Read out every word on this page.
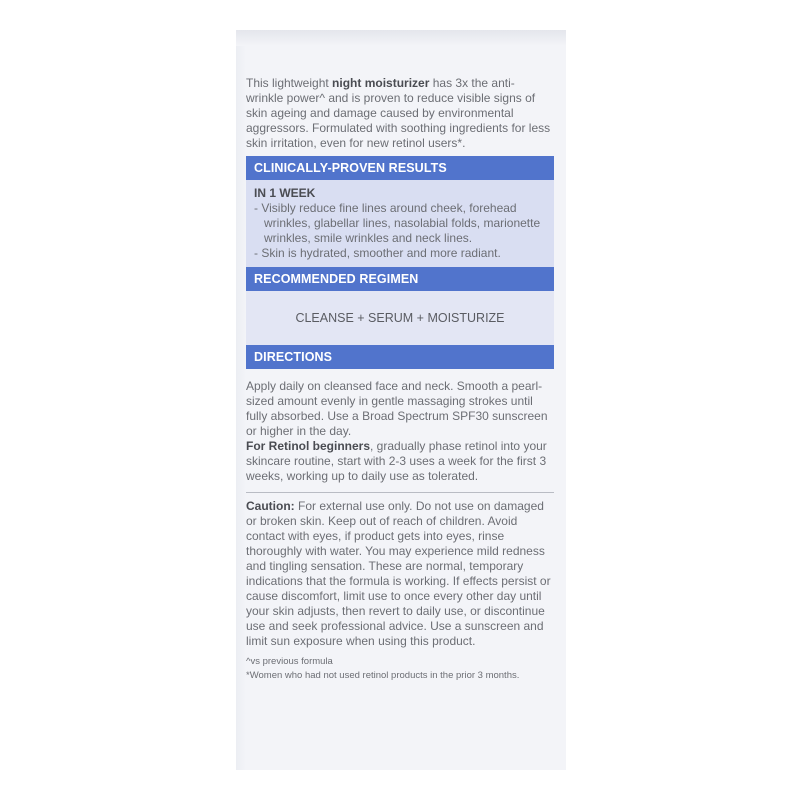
This lightweight night moisturizer has 3x the anti-wrinkle power^ and is proven to reduce visible signs of skin ageing and damage caused by environmental aggressors. Formulated with soothing ingredients for less skin irritation, even for new retinol users*.

CLINICALLY-PROVEN RESULTS
IN 1 WEEK
- Visibly reduce fine lines around cheek, forehead wrinkles, glabellar lines, nasolabial folds, marionette wrinkles, smile wrinkles and neck lines.
- Skin is hydrated, smoother and more radiant.
RECOMMENDED REGIMEN
CLEANSE + SERUM + MOISTURIZE
DIRECTIONS
Apply daily on cleansed face and neck. Smooth a pearl-sized amount evenly in gentle massaging strokes until fully absorbed. Use a Broad Spectrum SPF30 sunscreen or higher in the day.
For Retinol beginners, gradually phase retinol into your skincare routine, start with 2-3 uses a week for the first 3 weeks, working up to daily use as tolerated.
Caution: For external use only. Do not use on damaged or broken skin. Keep out of reach of children. Avoid contact with eyes, if product gets into eyes, rinse thoroughly with water. You may experience mild redness and tingling sensation. These are normal, temporary indications that the formula is working. If effects persist or cause discomfort, limit use to once every other day until your skin adjusts, then revert to daily use, or discontinue use and seek professional advice. Use a sunscreen and limit sun exposure when using this product.
^vs previous formula
*Women who had not used retinol products in the prior 3 months.
